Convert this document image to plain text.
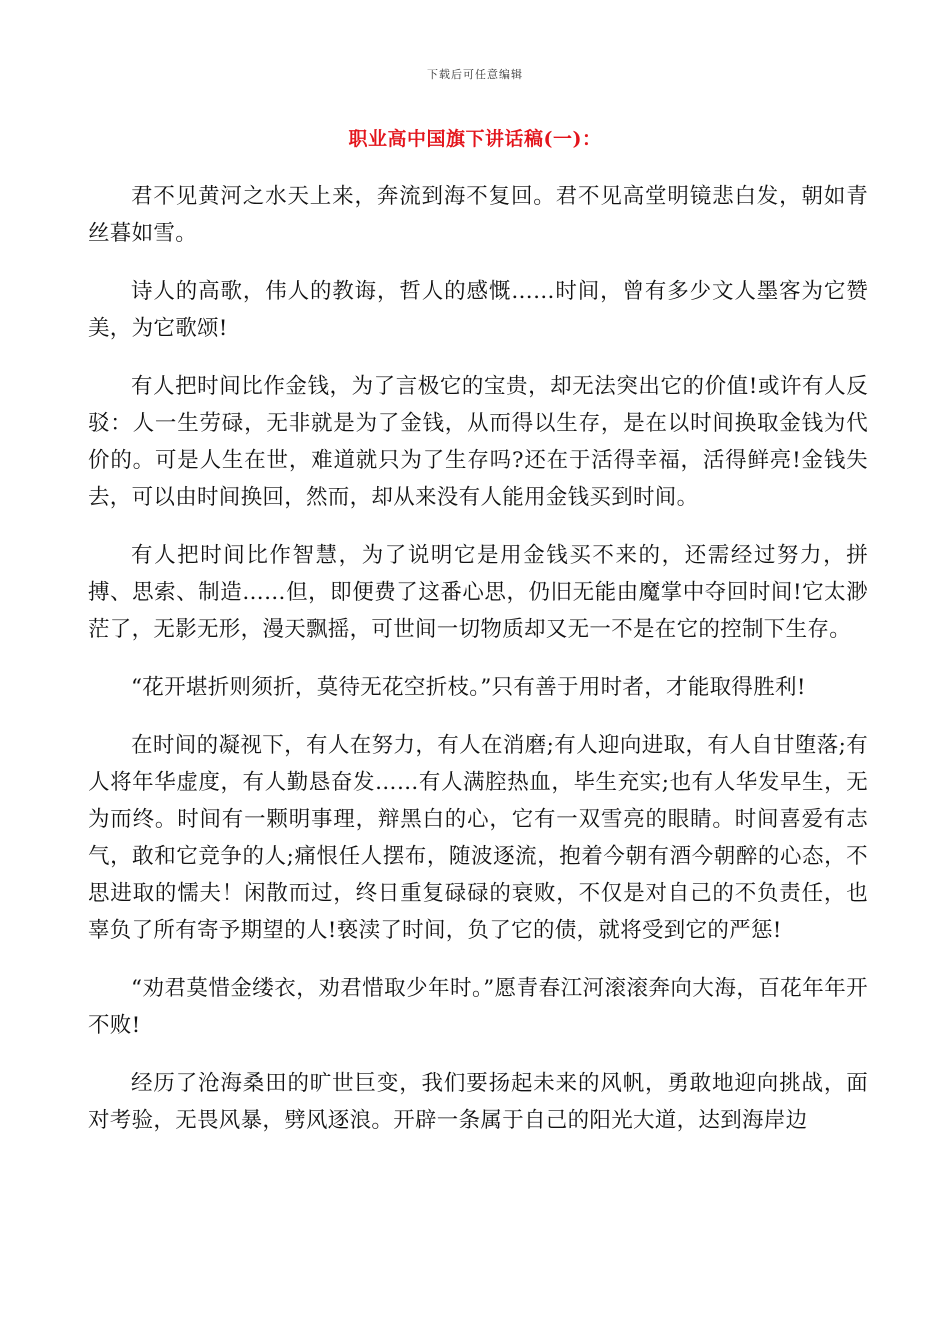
下载后可任意编辑
职业高中国旗下讲话稿(一)：

君不见黄河之水天上来，奔流到海不复回。君不见高堂明镜悲白发，朝如青丝暮如雪。

诗人的高歌，伟人的教诲，哲人的感慨……时间，曾有多少文人墨客为它赞美，为它歌颂!

有人把时间比作金钱，为了言极它的宝贵，却无法突出它的价值!或许有人反驳：人一生劳碌，无非就是为了金钱，从而得以生存，是在以时间换取金钱为代价的。可是人生在世，难道就只为了生存吗?还在于活得幸福，活得鲜亮!金钱失去，可以由时间换回，然而，却从来没有人能用金钱买到时间。

有人把时间比作智慧，为了说明它是用金钱买不来的，还需经过努力，拼搏、思索、制造……但，即便费了这番心思，仍旧无能由魔掌中夺回时间!它太渺茫了，无影无形，漫天飘摇，可世间一切物质却又无一不是在它的控制下生存。

“花开堪折则须折，莫待无花空折枝。”只有善于用时者，才能取得胜利!

在时间的凝视下，有人在努力，有人在消磨;有人迎向进取，有人自甘堕落;有人将年华虚度，有人勤恳奋发……有人满腔热血，毕生充实;也有人华发早生，无为而终。时间有一颗明事理，辩黑白的心，它有一双雪亮的眼睛。时间喜爱有志气，敢和它竞争的人;痛恨任人摆布，随波逐流，抱着今朝有酒今朝醉的心态，不思进取的懦夫！闲散而过，终日重复碌碌的衰败，不仅是对自己的不负责任，也辜负了所有寄予期望的人!亵渎了时间，负了它的债，就将受到它的严惩!

“劝君莫惜金缕衣，劝君惜取少年时。”愿青春江河滚滚奔向大海，百花年年开不败!

经历了沧海桑田的旷世巨变，我们要扬起未来的风帆，勇敢地迎向挑战，面对考验，无畏风暴，劈风逐浪。开辟一条属于自己的阳光大道，达到海岸边
